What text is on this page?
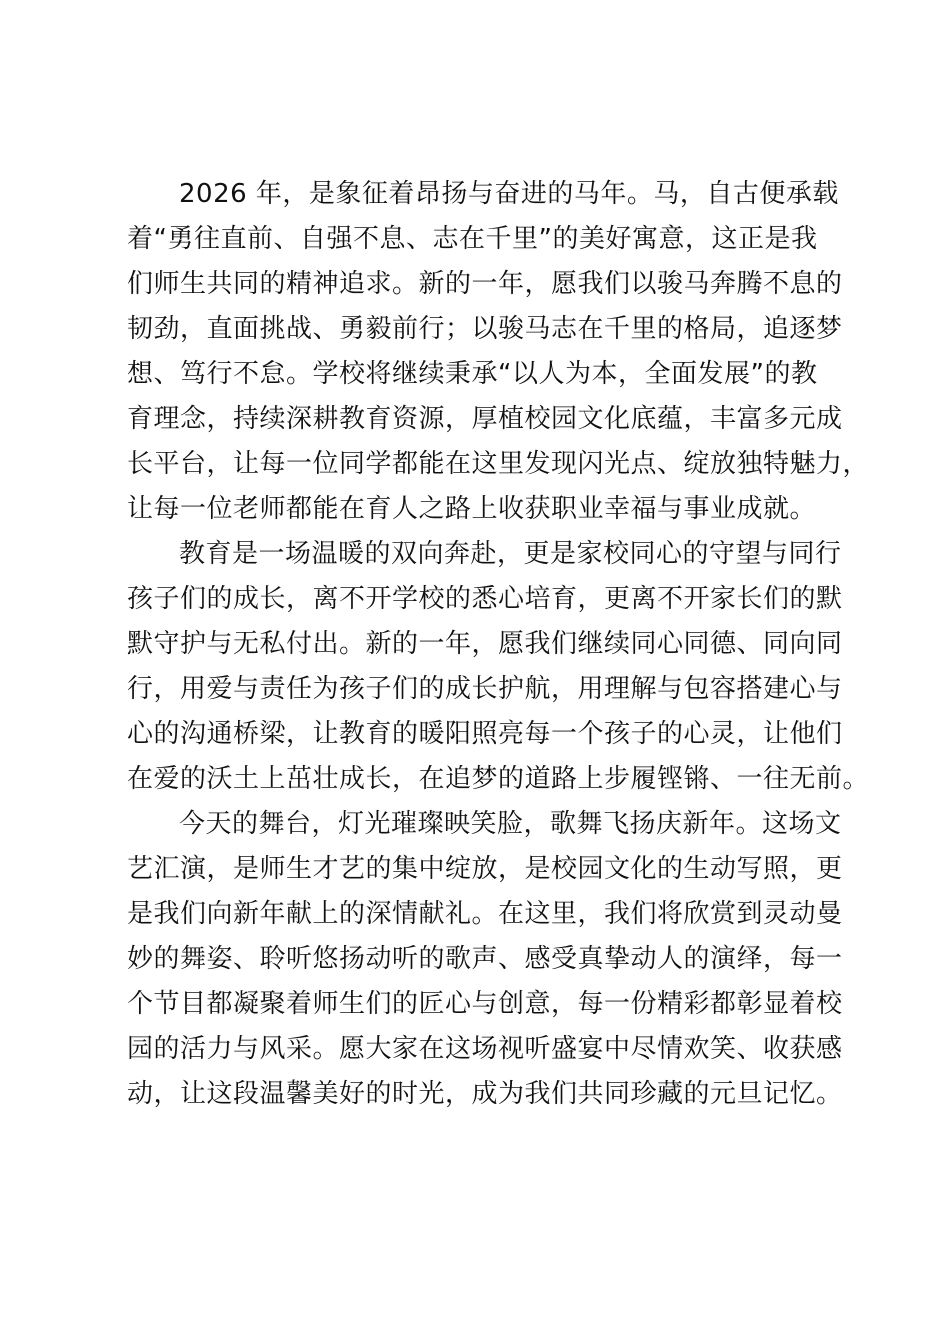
2026 年，是象征着昂扬与奋进的马年。马，自古便承载
着“勇往直前、自强不息、志在千里”的美好寓意，这正是我
们师生共同的精神追求。新的一年，愿我们以骏马奔腾不息的
韧劲，直面挑战、勇毅前行；以骏马志在千里的格局，追逐梦
想、笃行不怠。学校将继续秉承“以人为本，全面发展”的教
育理念，持续深耕教育资源，厚植校园文化底蕴，丰富多元成
长平台，让每一位同学都能在这里发现闪光点、绽放独特魅力，
让每一位老师都能在育人之路上收获职业幸福与事业成就。
教育是一场温暖的双向奔赴，更是家校同心的守望与同行
孩子们的成长，离不开学校的悉心培育，更离不开家长们的默
默守护与无私付出。新的一年，愿我们继续同心同德、同向同
行，用爱与责任为孩子们的成长护航，用理解与包容搭建心与
心的沟通桥梁，让教育的暖阳照亮每一个孩子的心灵，让他们
在爱的沃土上茁壮成长，在追梦的道路上步履铿锵、一往无前。
今天的舞台，灯光璀璨映笑脸，歌舞飞扬庆新年。这场文
艺汇演，是师生才艺的集中绽放，是校园文化的生动写照，更
是我们向新年献上的深情献礼。在这里，我们将欣赏到灵动曼
妙的舞姿、聆听悠扬动听的歌声、感受真挚动人的演绎，每一
个节目都凝聚着师生们的匠心与创意，每一份精彩都彰显着校
园的活力与风采。愿大家在这场视听盛宴中尽情欢笑、收获感
动，让这段温馨美好的时光，成为我们共同珍藏的元旦记忆。
